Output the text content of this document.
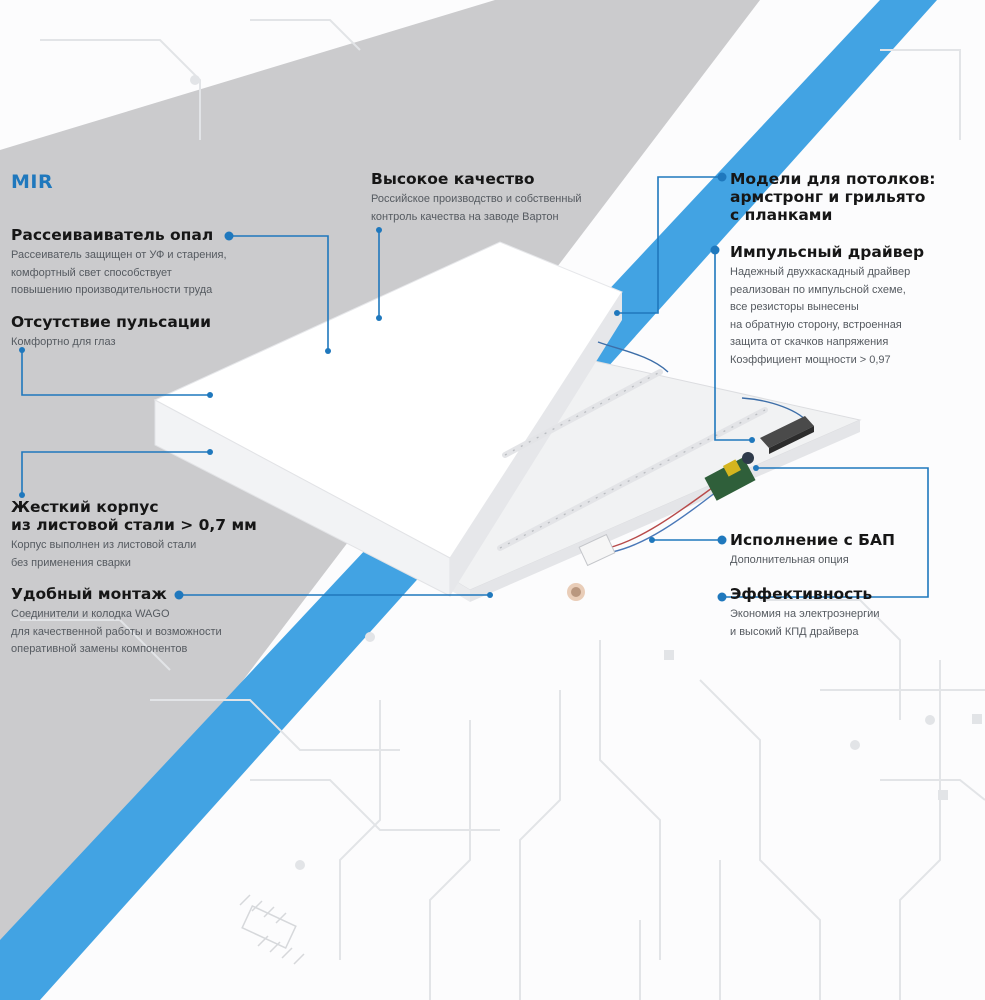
MIR
Рассеиваиватель опал
Рассеиватель защищен от УФ и старения,
комфортный свет способствует
повышению производительности труда
Отсутствие пульсации
Комфортно для глаз
Жесткий корпус
из листовой стали > 0,7 мм
Корпус выполнен из листовой стали
без применения сварки
Удобный монтаж
Соединители и колодка WAGO
для качественной работы и возможности
оперативной замены компонентов
Высокое качество
Российское производство и собственный
контроль качества на заводе Вартон
Модели для потолков:
армстронг и грильято
с планками
Импульсный драйвер
Надежный двухкаскадный драйвер
реализован по импульсной схеме,
все резисторы вынесены
на обратную сторону, встроенная
защита от скачков напряжения
Коэффициент мощности > 0,97
Исполнение с БАП
Дополнительная опция
Эффективность
Экономия на электроэнергии
и высокий КПД драйвера
